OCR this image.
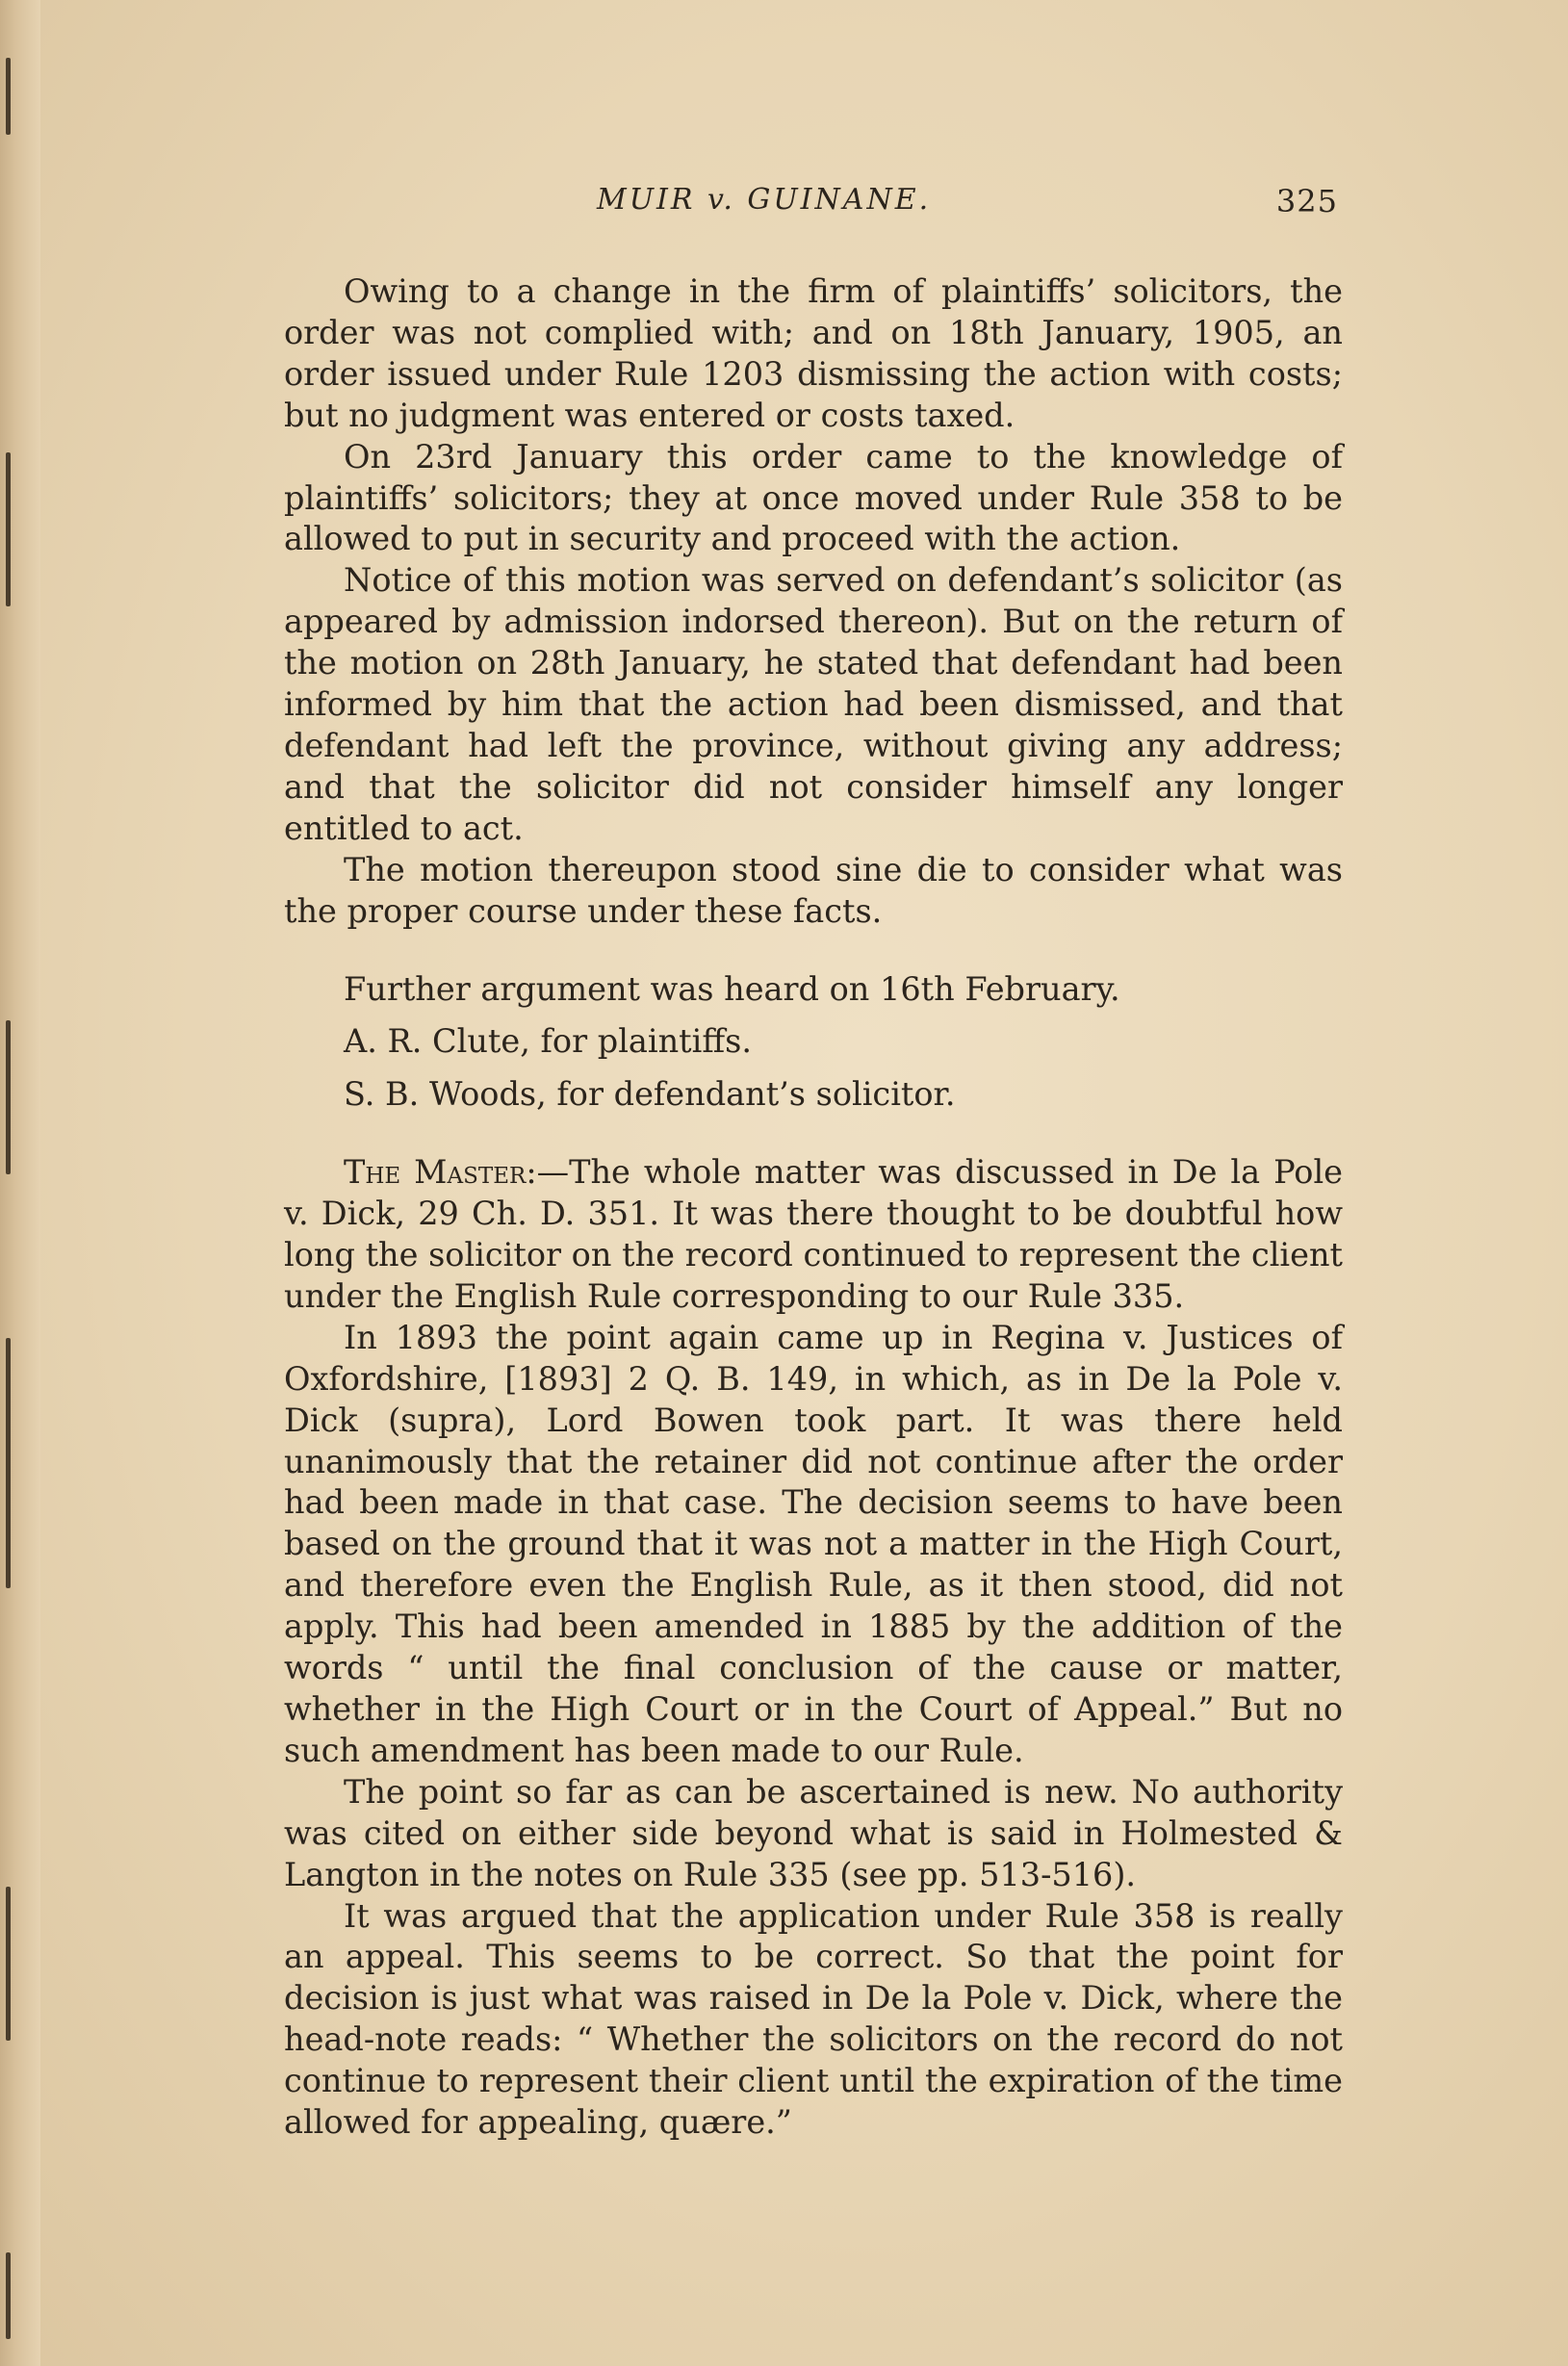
MUIR v. GUINANE.	325

Owing to a change in the firm of plaintiffs’ solicitors, the order was not complied with; and on 18th January, 1905, an order issued under Rule 1203 dismissing the action with costs; but no judgment was entered or costs taxed.

On 23rd January this order came to the knowledge of plaintiffs’ solicitors; they at once moved under Rule 358 to be allowed to put in security and proceed with the action.

Notice of this motion was served on defendant’s solicitor (as appeared by admission indorsed thereon). But on the return of the motion on 28th January, he stated that defendant had been informed by him that the action had been dismissed, and that defendant had left the province, without giving any address; and that the solicitor did not consider himself any longer entitled to act.

The motion thereupon stood sine die to consider what was the proper course under these facts.

Further argument was heard on 16th February.

A. R. Clute, for plaintiffs.

S. B. Woods, for defendant’s solicitor.

The Master:—The whole matter was discussed in De la Pole v. Dick, 29 Ch. D. 351. It was there thought to be doubtful how long the solicitor on the record continued to represent the client under the English Rule corresponding to our Rule 335.

In 1893 the point again came up in Regina v. Justices of Oxfordshire, [1893] 2 Q. B. 149, in which, as in De la Pole v. Dick (supra), Lord Bowen took part. It was there held unanimously that the retainer did not continue after the order had been made in that case. The decision seems to have been based on the ground that it was not a matter in the High Court, and therefore even the English Rule, as it then stood, did not apply. This had been amended in 1885 by the addition of the words “ until the final conclusion of the cause or matter, whether in the High Court or in the Court of Appeal.” But no such amendment has been made to our Rule.

The point so far as can be ascertained is new. No authority was cited on either side beyond what is said in Holmested & Langton in the notes on Rule 335 (see pp. 513-516).

It was argued that the application under Rule 358 is really an appeal. This seems to be correct. So that the point for decision is just what was raised in De la Pole v. Dick, where the head-note reads: “ Whether the solicitors on the record do not continue to represent their client until the expiration of the time allowed for appealing, quære.”
